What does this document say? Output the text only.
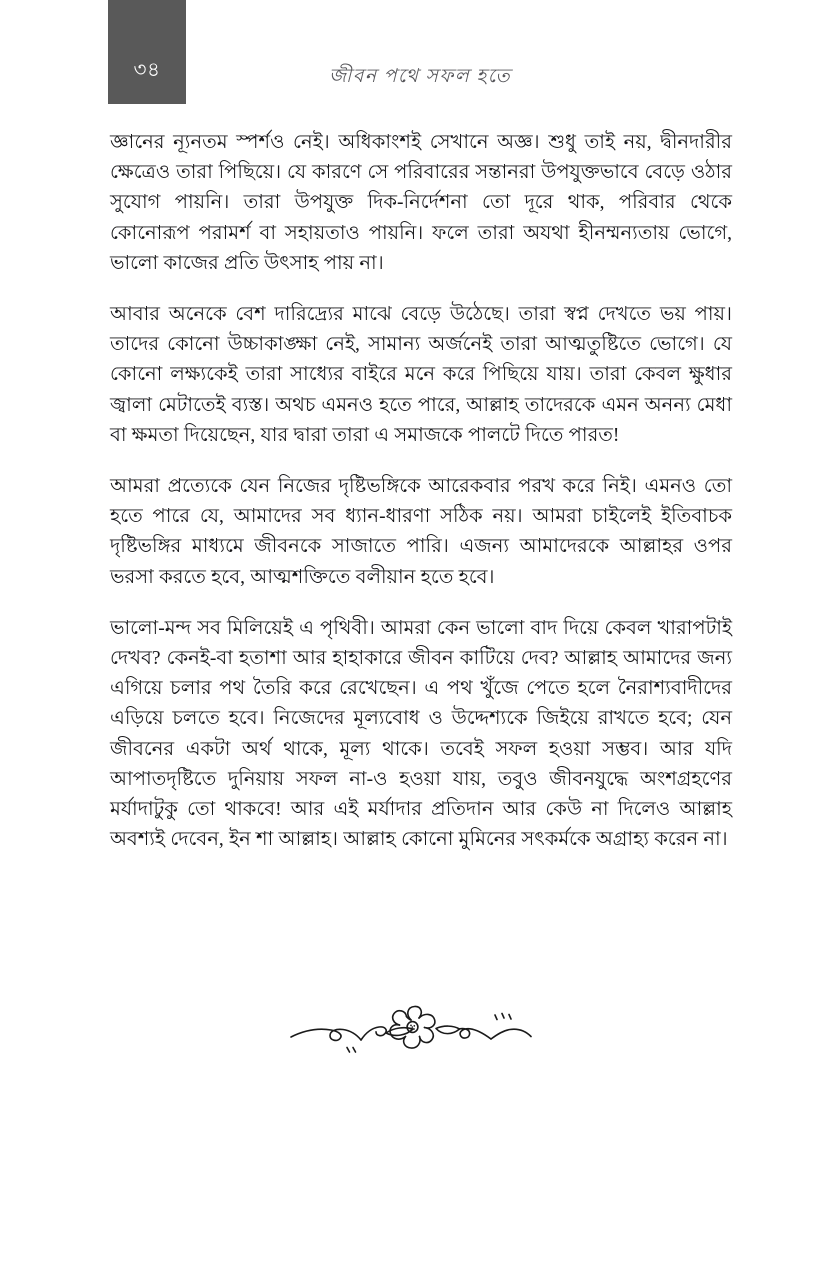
৩৪	জীবন পথে সফল হতে

জ্ঞানের ন্যূনতম স্পর্শও নেই। অধিকাংশই সেখানে অজ্ঞ। শুধু তাই নয়, দ্বীনদারীর ক্ষেত্রেও তারা পিছিয়ে। যে কারণে সে পরিবারের সন্তানরা উপযুক্তভাবে বেড়ে ওঠার সুযোগ পায়নি। তারা উপযুক্ত দিক-নির্দেশনা তো দূরে থাক, পরিবার থেকে কোনোরূপ পরামর্শ বা সহায়তাও পায়নি। ফলে তারা অযথা হীনম্মন্যতায় ভোগে, ভালো কাজের প্রতি উৎসাহ পায় না।

আবার অনেকে বেশ দারিদ্র্যের মাঝে বেড়ে উঠেছে। তারা স্বপ্ন দেখতে ভয় পায়। তাদের কোনো উচ্চাকাঙ্ক্ষা নেই, সামান্য অর্জনেই তারা আত্মতুষ্টিতে ভোগে। যে কোনো লক্ষ্যকেই তারা সাধ্যের বাইরে মনে করে পিছিয়ে যায়। তারা কেবল ক্ষুধার জ্বালা মেটাতেই ব্যস্ত। অথচ এমনও হতে পারে, আল্লাহ তাদেরকে এমন অনন্য মেধা বা ক্ষমতা দিয়েছেন, যার দ্বারা তারা এ সমাজকে পালটে দিতে পারত!

আমরা প্রত্যেকে যেন নিজের দৃষ্টিভঙ্গিকে আরেকবার পরখ করে নিই। এমনও তো হতে পারে যে, আমাদের সব ধ্যান-ধারণা সঠিক নয়। আমরা চাইলেই ইতিবাচক দৃষ্টিভঙ্গির মাধ্যমে জীবনকে সাজাতে পারি। এজন্য আমাদেরকে আল্লাহর ওপর ভরসা করতে হবে, আত্মশক্তিতে বলীয়ান হতে হবে।

ভালো-মন্দ সব মিলিয়েই এ পৃথিবী। আমরা কেন ভালো বাদ দিয়ে কেবল খারাপটাই দেখব? কেনই-বা হতাশা আর হাহাকারে জীবন কাটিয়ে দেব? আল্লাহ আমাদের জন্য এগিয়ে চলার পথ তৈরি করে রেখেছেন। এ পথ খুঁজে পেতে হলে নৈরাশ্যবাদীদের এড়িয়ে চলতে হবে। নিজেদের মূল্যবোধ ও উদ্দেশ্যকে জিইয়ে রাখতে হবে; যেন জীবনের একটা অর্থ থাকে, মূল্য থাকে। তবেই সফল হওয়া সম্ভব। আর যদি আপাতদৃষ্টিতে দুনিয়ায় সফল না-ও হওয়া যায়, তবুও জীবনযুদ্ধে অংশগ্রহণের মর্যাদাটুকু তো থাকবে! আর এই মর্যাদার প্রতিদান আর কেউ না দিলেও আল্লাহ অবশ্যই দেবেন, ইন শা আল্লাহ। আল্লাহ কোনো মুমিনের সৎকর্মকে অগ্রাহ্য করেন না।
